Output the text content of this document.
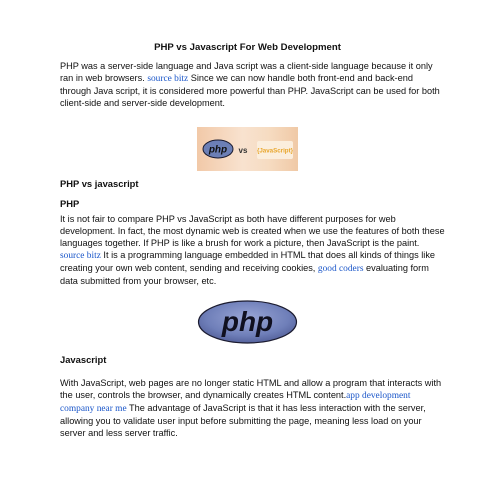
PHP vs Javascript For Web Development

PHP was a server-side language and Java script was a client-side language because it only ran in web browsers. source bitz Since we can now handle both front-end and back-end through Java script, it is considered more powerful than PHP. JavaScript can be used for both client-side and server-side development.

php vs {JavaScript}
PHP vs javascript
PHP

It is not fair to compare PHP vs JavaScript as both have different purposes for web development. In fact, the most dynamic web is created when we use the features of both these languages together. If PHP is like a brush for work a picture, then JavaScript is the paint. source bitz It is a programming language embedded in HTML that does all kinds of things like creating your own web content, sending and receiving cookies, good coders evaluating form data submitted from your browser, etc.

php
Javascript

With JavaScript, web pages are no longer static HTML and allow a program that interacts with the user, controls the browser, and dynamically creates HTML content.app development company near me The advantage of JavaScript is that it has less interaction with the server, allowing you to validate user input before submitting the page, meaning less load on your server and less server traffic.
